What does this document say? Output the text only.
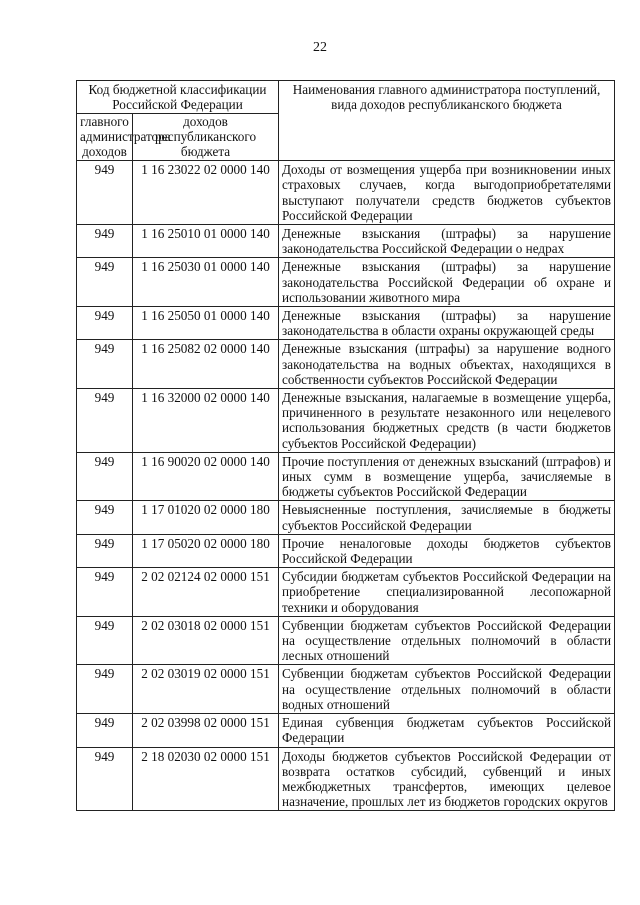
22
Код бюджетной классификации Российской Федерации		Наименования главного администратора поступлений, вида доходов республиканского бюджета
главного администратора доходов	доходов республиканского бюджета	
949	1 16 23022 02 0000 140	Доходы от возмещения ущерба при возникновении иных страховых случаев, когда выгодоприобретателями выступают получатели средств бюджетов субъектов Российской Федерации
949	1 16 25010 01 0000 140	Денежные взыскания (штрафы) за нарушение законодательства Российской Федерации о недрах
949	1 16 25030 01 0000 140	Денежные взыскания (штрафы) за нарушение законодательства Российской Федерации об охране и использовании животного мира
949	1 16 25050 01 0000 140	Денежные взыскания (штрафы) за нарушение законодательства в области охраны окружающей среды
949	1 16 25082 02 0000 140	Денежные взыскания (штрафы) за нарушение водного законодательства на водных объектах, находящихся в собственности субъектов Российской Федерации
949	1 16 32000 02 0000 140	Денежные взыскания, налагаемые в возмещение ущерба, причиненного в результате незаконного или нецелевого использования бюджетных средств (в части бюджетов субъектов Российской Федерации)
949	1 16 90020 02 0000 140	Прочие поступления от денежных взысканий (штрафов) и иных сумм в возмещение ущерба, зачисляемые в бюджеты субъектов Российской Федерации
949	1 17 01020 02 0000 180	Невыясненные поступления, зачисляемые в бюджеты субъектов Российской Федерации
949	1 17 05020 02 0000 180	Прочие неналоговые доходы бюджетов субъектов Российской Федерации
949	2 02 02124 02 0000 151	Субсидии бюджетам субъектов Российской Федерации на приобретение специализированной лесопожарной техники и оборудования
949	2 02 03018 02 0000 151	Субвенции бюджетам субъектов Российской Федерации на осуществление отдельных полномочий в области лесных отношений
949	2 02 03019 02 0000 151	Субвенции бюджетам субъектов Российской Федерации на осуществление отдельных полномочий в области водных отношений
949	2 02 03998 02 0000 151	Единая субвенция бюджетам субъектов Российской Федерации
949	2 18 02030 02 0000 151	Доходы бюджетов субъектов Российской Федерации от возврата остатков субсидий, субвенций и иных межбюджетных трансфертов, имеющих целевое назначение, прошлых лет из бюджетов городских округов
